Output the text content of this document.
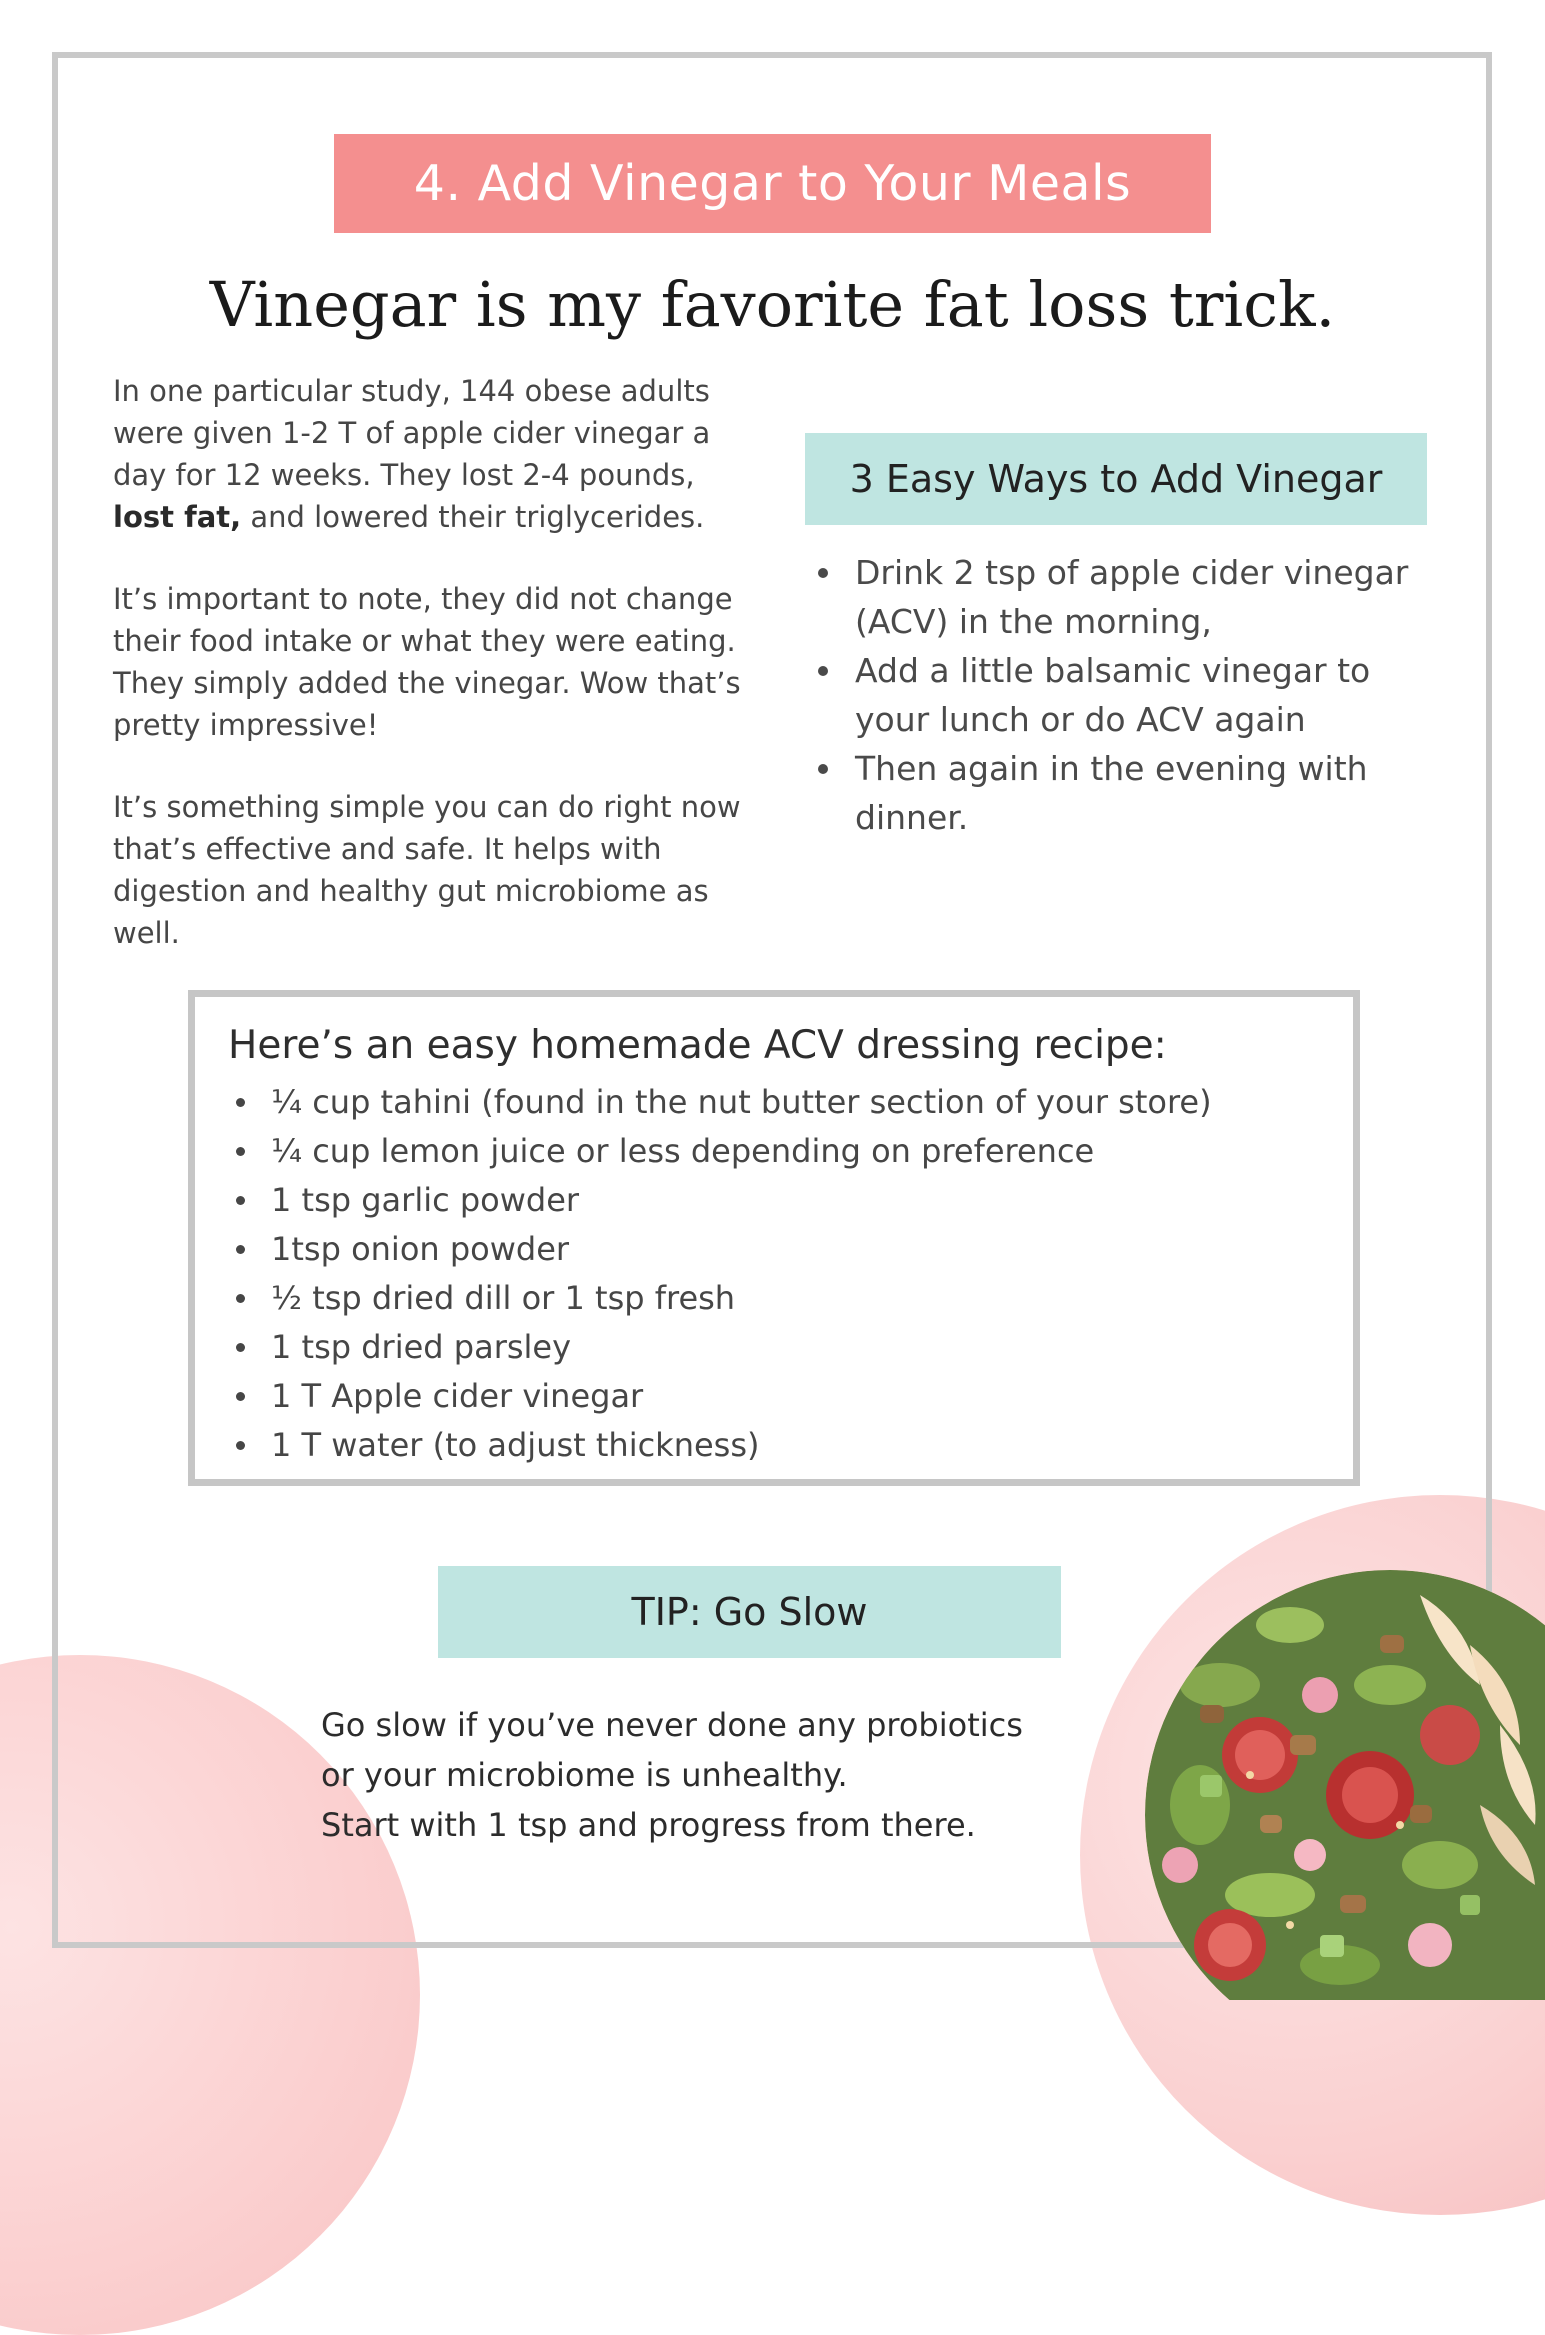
4. Add Vinegar to Your Meals
Vinegar is my favorite fat loss trick.

In one particular study, 144 obese adults were given 1-2 T of apple cider vinegar a day for 12 weeks. They lost 2-4 pounds, lost fat, and lowered their triglycerides.

It’s important to note, they did not change their food intake or what they were eating. They simply added the vinegar. Wow that’s pretty impressive!

It’s something simple you can do right now that’s effective and safe. It helps with digestion and healthy gut microbiome as well.

3 Easy Ways to Add Vinegar
Drink 2 tsp of apple cider vinegar (ACV) in the morning,
Add a little balsamic vinegar to your lunch or do ACV again
Then again in the evening with dinner.
Here’s an easy homemade ACV dressing recipe:
¼ cup tahini (found in the nut butter section of your store)
¼ cup lemon juice or less depending on preference
1 tsp garlic powder
1tsp onion powder
½ tsp dried dill or 1 tsp fresh
1 tsp dried parsley
1 T Apple cider vinegar
1 T water (to adjust thickness)
TIP: Go Slow
Go slow if you’ve never done any probiotics
or your microbiome is unhealthy.
Start with 1 tsp and progress from there.
